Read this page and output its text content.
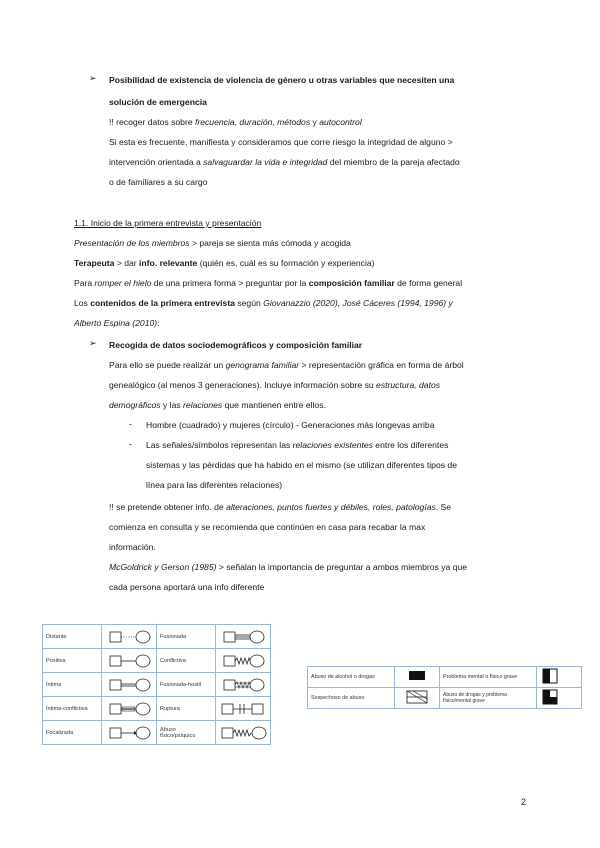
➢ Posibilidad de existencia de violencia de género u otras variables que necesiten una
solución de emergencia
!! recoger datos sobre frecuencia, duración, métodos y autocontrol
Si esta es frecuente, manifiesta y consideramos que corre riesgo la integridad de alguno >
intervención orientada a salvaguardar la vida e integridad del miembro de la pareja afectado
o de familiares a su cargo
1.1. Inicio de la primera entrevista y presentación
Presentación de los miembros > pareja se sienta más cómoda y acogida
Terapeuta > dar info. relevante (quién es, cuál es su formación y experiencia)
Para romper el hielo de una primera forma > preguntar por la composición familiar de forma general
Los contenidos de la primera entrevista según Giovanazzio (2020), José Cáceres (1994, 1996) y
Alberto Espina (2010):
➢ Recogida de datos sociodemográficos y composición familiar
Para ello se puede realizar un genograma familiar > representación gráfica en forma de árbol
genealógico (al menos 3 generaciones). Incluye información sobre su estructura, datos
demográficos y las relaciones que mantienen entre ellos.
- Hombre (cuadrado) y mujeres (círculo) - Generaciones más longevas arriba
- Las señales/símbolos representan las relaciones existentes entre los diferentes
sistemas y las pérdidas que ha habido en el mismo (se utilizan diferentes tipos de
línea para las diferentes relaciones)
!! se pretende obtener info. de alteraciones, puntos fuertes y débiles, roles, patologías. Se
comienza en consulta y se recomienda que continúen en casa para recabar la max
información.
McGoldrick y Gerson (1985) > señalan la importancia de preguntar a ambos miembros ya que
cada persona aportará una info diferente
Distante		Fusionada	

Positiva		Conflictiva	

Íntima		Fusionada-hostil	

Íntima-conflictiva		Ruptura	

Focalizada		Abuso físico/psíquico	
Abuso de alcohol o drogas		Problema mental o físico grave	
Sospechoso de abuso		Abuso de drogas y problema físico/mental grave	
2
